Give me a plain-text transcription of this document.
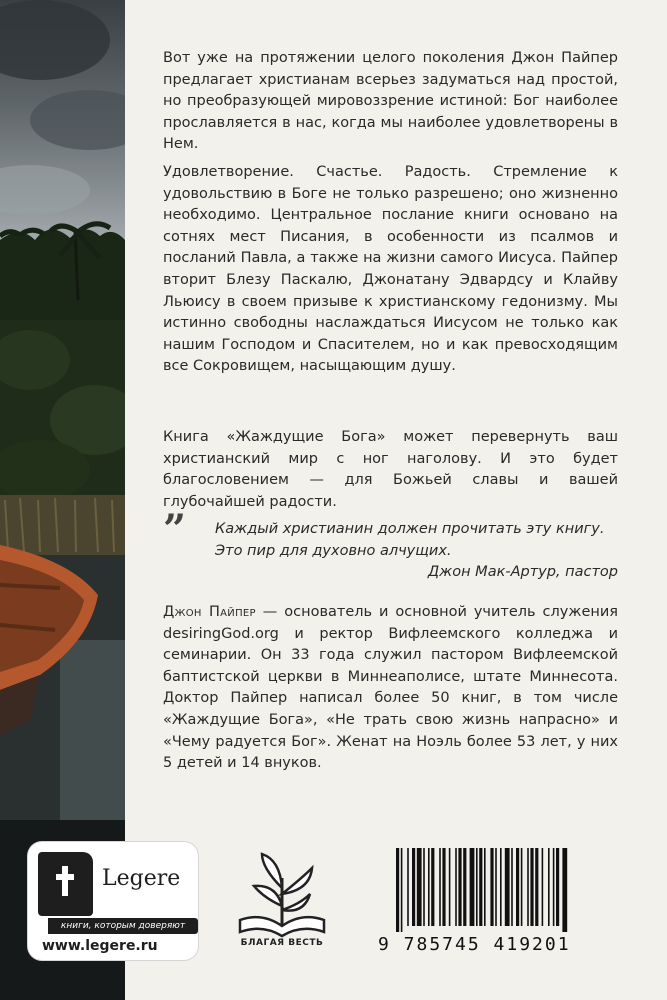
Вот уже на протяжении целого поколения Джон Пайпер предлагает христианам всерьез задуматься над простой, но преобразующей мировоззрение истиной: Бог наиболее прославляется в нас, когда мы наиболее удовлетворены в Нем.

Удовлетворение. Счастье. Радость. Стремление к удовольствию в Боге не только разрешено; оно жизненно необходимо. Центральное послание книги основано на сотнях мест Писания, в особенности из псалмов и посланий Павла, а также на жизни самого Иисуса. Пайпер вторит Блезу Паскалю, Джонатану Эдвардсу и Клайву Льюису в своем призыве к христианскому гедонизму. Мы истинно свободны наслаждаться Иисусом не только как нашим Господом и Спасителем, но и как превосходящим все Сокровищем, насыщающим душу.

Книга «Жаждущие Бога» может перевернуть ваш христианский мир с ног наголову. И это будет благословением — для Божьей славы и вашей глубочайшей радости.

” Каждый христианин должен прочитать эту книгу. Это пир для духовно алчущих.
Джон Мак-Артур, пастор

Джон Пайпер — основатель и основной учитель служения desiringGod.org и ректор Вифлеемского колледжа и семинарии. Он 33 года служил пастором Вифлеемской баптистской церкви в Миннеаполисе, штате Миннесота. Доктор Пайпер написал более 50 книг, в том числе «Жаждущие Бога», «Не трать свою жизнь напрасно» и «Чему радуется Бог». Женат на Ноэль более 53 лет, у них 5 детей и 14 внуков.

Legere
книги, которым доверяют
www.legere.ru	БЛАГАЯ ВЕСТЬ	9 785745 419201
